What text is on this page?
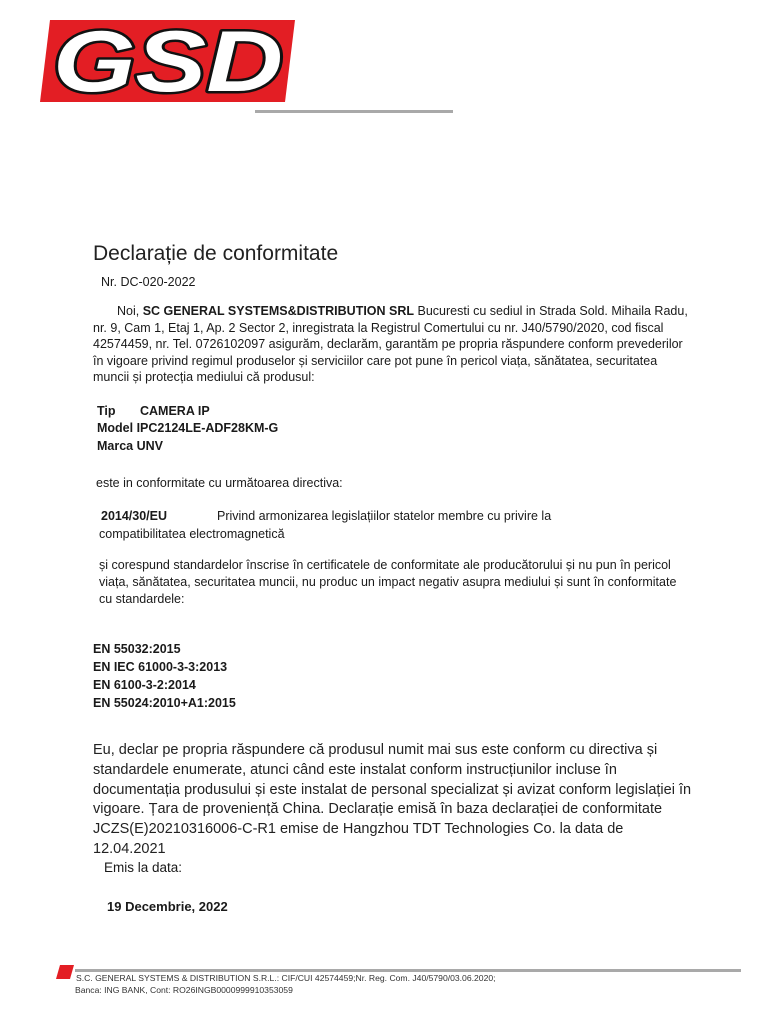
GSD
Declarație de conformitate
Nr. DC-020-2022
Noi, SC GENERAL SYSTEMS&DISTRIBUTION SRL Bucuresti cu sediul in Strada Sold. Mihaila Radu, nr. 9, Cam 1, Etaj 1, Ap. 2 Sector 2, inregistrata la Registrul Comertului cu nr. J40/5790/2020, cod fiscal 42574459, nr. Tel. 0726102097 asigurăm, declarăm, garantăm pe propria răspundere conform prevederilor în vigoare privind regimul produselor și serviciilor care pot pune în pericol viața, sănătatea, securitatea muncii și protecția mediului că produsul:
Tip CAMERA IP
Model IPC2124LE-ADF28KM-G
Marca UNV
este in conformitate cu următoarea directiva:
2014/30/EU	Privind armonizarea legislațiilor statelor membre cu privire la
compatibilitatea electromagnetică
și corespund standardelor înscrise în certificatele de conformitate ale producătorului și nu pun în pericol viața, sănătatea, securitatea muncii, nu produc un impact negativ asupra mediului și sunt în conformitate cu standardele:
EN 55032:2015
EN IEC 61000-3-3:2013
EN 6100-3-2:2014
EN 55024:2010+A1:2015
Eu, declar pe propria răspundere că produsul numit mai sus este conform cu directiva și standardele enumerate, atunci când este instalat conform instrucțiunilor incluse în documentația produsului și este instalat de personal specializat și avizat conform legislației în vigoare. Țara de proveniență China. Declarație emisă în baza declarației de conformitate JCZS(E)20210316006-C-R1 emise de Hangzhou TDT Technologies Co. la data de 12.04.2021
Emis la data:
19 Decembrie, 2022
S.C. GENERAL SYSTEMS & DISTRIBUTION S.R.L.: CIF/CUI 42574459;Nr. Reg. Com. J40/5790/03.06.2020;
Banca: ING BANK, Cont: RO26INGB0000999910353059
